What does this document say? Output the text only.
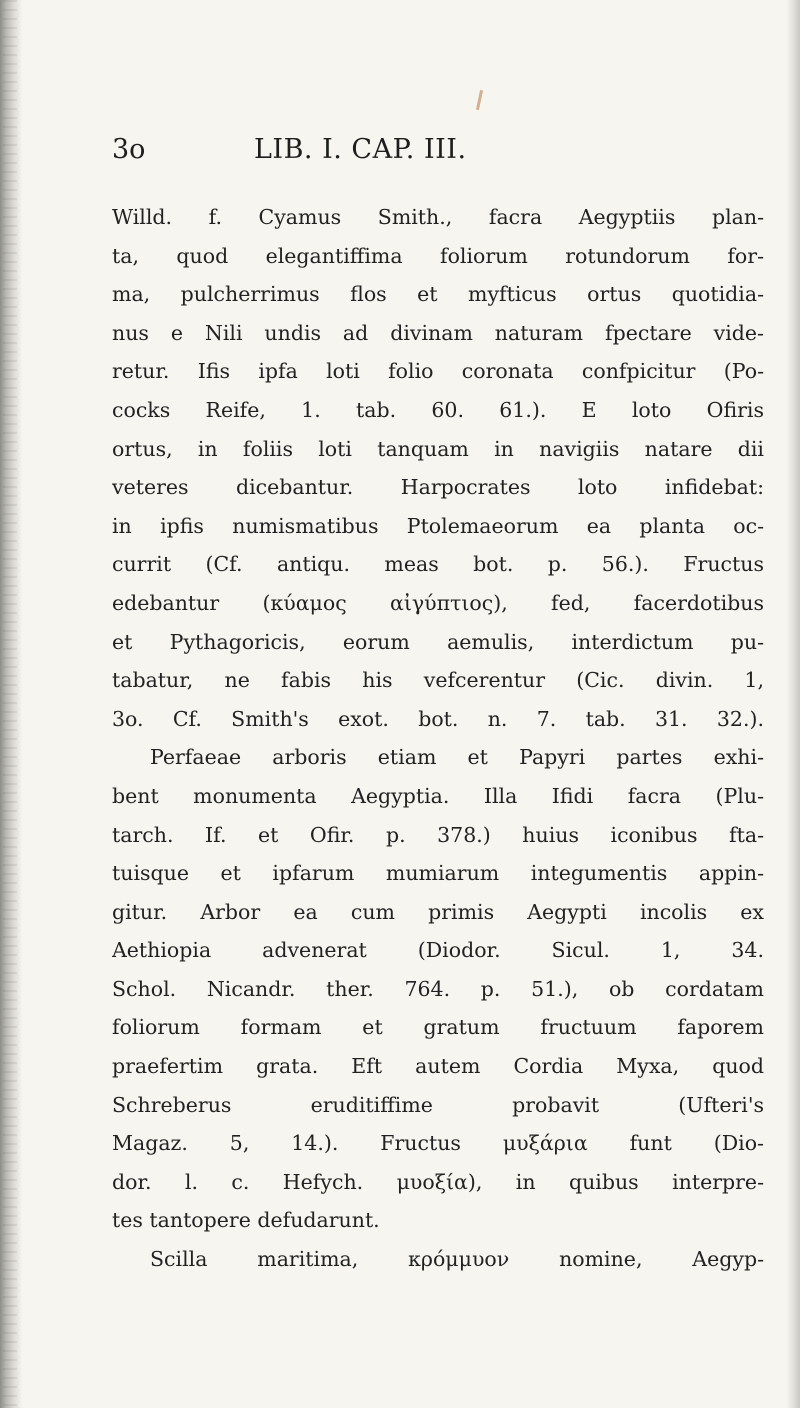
3o	LIB. I. CAP. III.
Willd. f. Cyamus Smith., facra Aegyptiis plan-
ta, quod elegantiffima foliorum rotundorum for-
ma, pulcherrimus flos et myfticus ortus quotidia-
nus e Nili undis ad divinam naturam fpectare vide-
retur. Ifis ipfa loti folio coronata confpicitur (Po-
cocks Reife, 1. tab. 60. 61.). E loto Ofiris
ortus, in foliis loti tanquam in navigiis natare dii
veteres dicebantur. Harpocrates loto infidebat:
in ipfis numismatibus Ptolemaeorum ea planta oc-
currit (Cf. antiqu. meas bot. p. 56.). Fructus
edebantur (κύαμος αἰγύπτιος), fed, facerdotibus
et Pythagoricis, eorum aemulis, interdictum pu-
tabatur, ne fabis his vefcerentur (Cic. divin. 1,
3o. Cf. Smith's exot. bot. n. 7. tab. 31. 32.).
Perfaeae arboris etiam et Papyri partes exhi-
bent monumenta Aegyptia. Illa Ifidi facra (Plu-
tarch. If. et Ofir. p. 378.) huius iconibus fta-
tuisque et ipfarum mumiarum integumentis appin-
gitur. Arbor ea cum primis Aegypti incolis ex
Aethiopia advenerat (Diodor. Sicul. 1, 34.
Schol. Nicandr. ther. 764. p. 51.), ob cordatam
foliorum formam et gratum fructuum faporem
praefertim grata. Eft autem Cordia Myxa, quod
Schreberus eruditiffime probavit (Ufteri's
Magaz. 5, 14.). Fructus μυξάρια funt (Dio-
dor. l. c. Hefych. μυοξία), in quibus interpre-
tes tantopere defudarunt.
Scilla maritima, κρόμμυον nomine, Aegyp-
